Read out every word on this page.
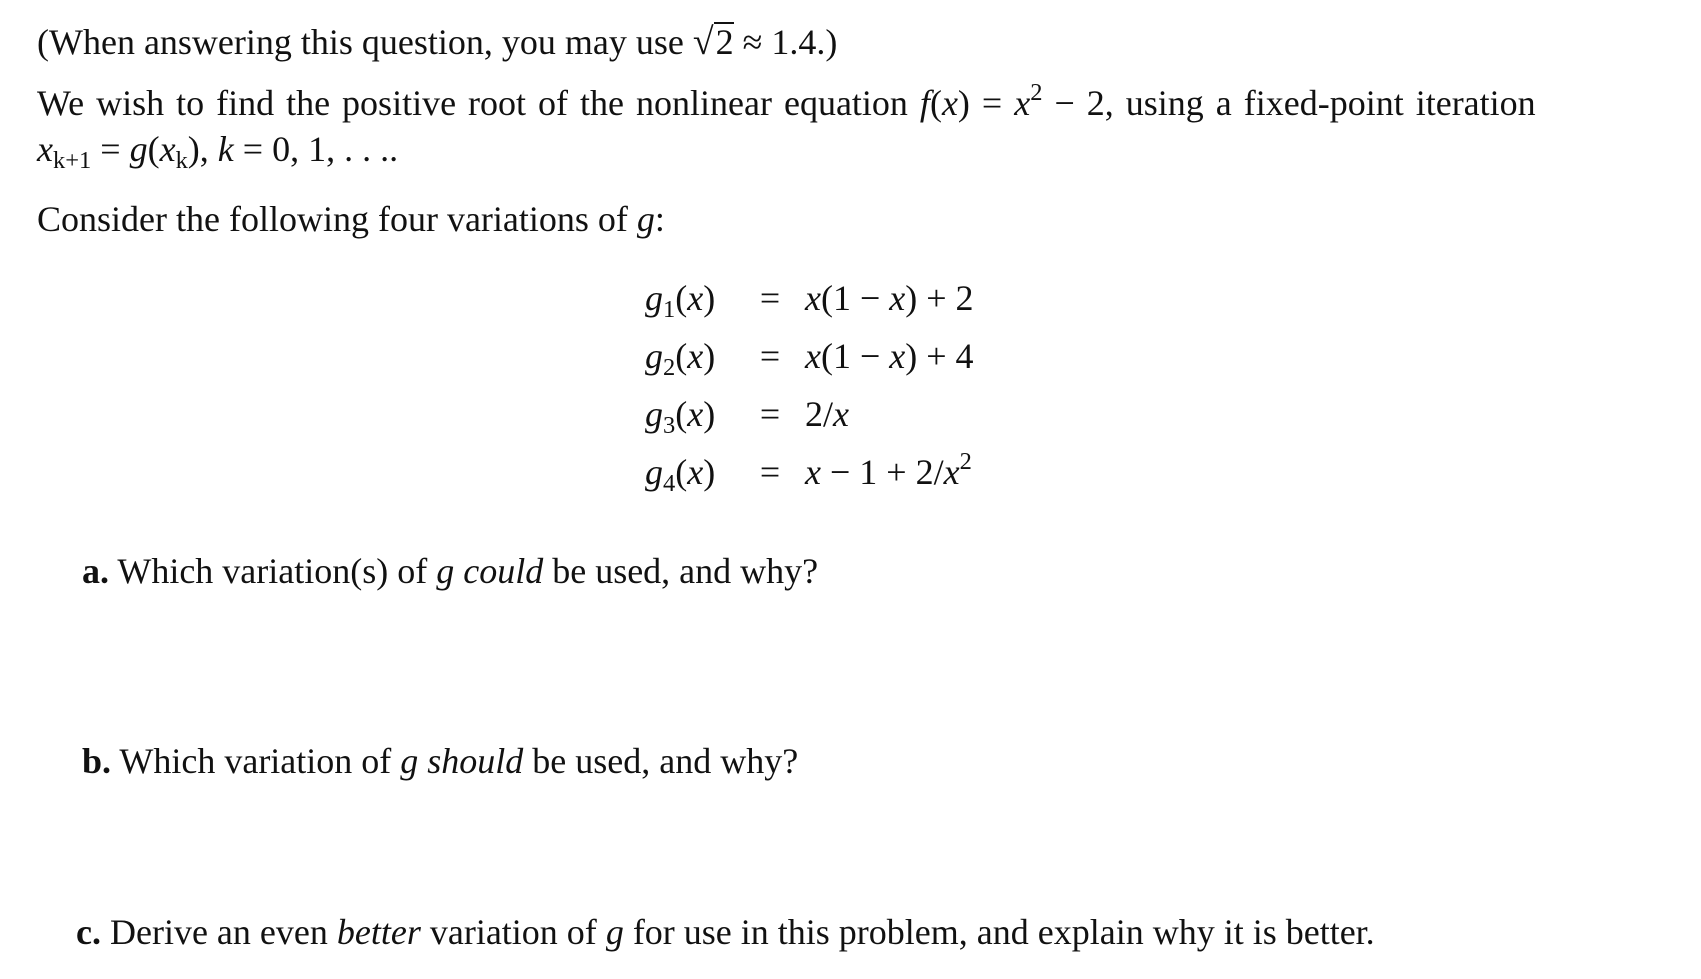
(When answering this question, you may use √2 ≈ 1.4.)
We wish to find the positive root of the nonlinear equation $f(x) = x^2 - 2$, using a fixed-point iteration
$x_{k+1} = g(x_k)$, k = 0, 1, . . ..
Consider the following four variations of g:
$g_1(x)$	= x(1 − x) + 2
$g_2(x)$	= x(1 − x) + 4
$g_3(x)$	= 2/x
$g_4(x)$	= $x - 1 + 2/x^2$
a. Which variation(s) of g could be used, and why?
b. Which variation of g should be used, and why?
c. Derive an even better variation of g for use in this problem, and explain why it is better.
